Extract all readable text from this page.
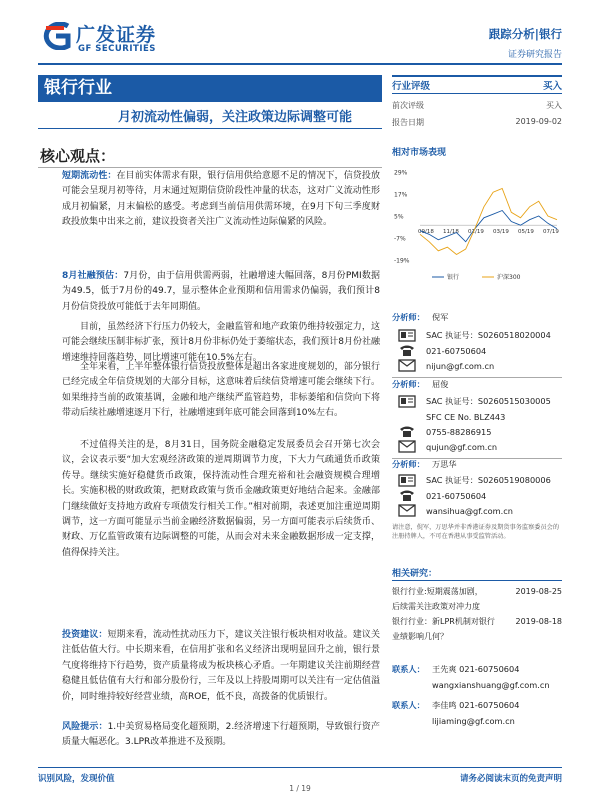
广发证券
GF SECURITIES
跟踪分析|银行
证券研究报告
银行行业
月初流动性偏弱，关注政策边际调整可能
核心观点：
短期流动性：在目前实体需求有限，银行信用供给意愿不足的情况下，信贷投放可能会呈现月初等待，月末通过短期信贷阶段性冲量的状态，这对广义流动性形成月初偏紧，月末偏松的感受。考虑到当前信用供需环境，在9月下旬三季度财政投放集中出来之前，建议投资者关注广义流动性边际偏紧的风险。
8月社融预估：7月份，由于信用供需两弱，社融增速大幅回落，8月份PMI数据为49.5，低于7月份的49.7，显示整体企业预期和信用需求仍偏弱，我们预计8月份信贷投放可能低于去年同期值。
目前，虽然经济下行压力仍较大，金融监管和地产政策仍维持较强定力，这可能会继续压制非标扩张，预计8月份非标仍处于萎缩状态，我们预计8月份社融增速维持回落趋势，同比增速可能在10.5%左右。
全年来看，上半年整体银行信贷投放整体是超出各家进度规划的，部分银行已经完成全年信贷规划的大部分目标，这意味着后续信贷增速可能会继续下行。如果维持当前的政策基调，金融和地产继续严监管趋势，非标萎缩和信贷向下将带动后续社融增速逐月下行，社融增速到年底可能会回落到10%左右。
不过值得关注的是，8月31日，国务院金融稳定发展委员会召开第七次会议，会议表示要“加大宏观经济政策的逆周期调节力度，下大力气疏通货币政策传导。继续实施好稳健货币政策，保持流动性合理充裕和社会融资规模合理增长。实施积极的财政政策，把财政政策与货币金融政策更好地结合起来。金融部门继续做好支持地方政府专项债发行相关工作。”相对前期，表述更加注重逆周期调节，这一方面可能显示当前金融经济数据偏弱，另一方面可能表示后续货币、财政、万亿监管政策有边际调整的可能，从而会对未来金融数据形成一定支撑，值得保持关注。
投资建议：短期来看，流动性扰动压力下，建议关注银行板块相对收益。建议关注低估值大行。中长期来看，在信用扩张和名义经济出现明显回升之前，银行景气度将维持下行趋势，资产质量将成为板块核心矛盾。一年期建议关注前期经营稳健且低估值有大行和部分股份行，三年及以上持股周期可以关注有一定估值溢价，同时维持较好经营业绩，高ROE，低不良，高拨备的优质银行。
风险提示：1.中美贸易格局变化超预期，2.经济增速下行超预期，导致银行资产质量大幅恶化。3.LPR改革推进不及预期。
行业评级	买入
前次评级	买入
报告日期	2019-09-02
相对市场表现
29%
17%
5%
-7%
-19%
09/18 11/18 01/19 03/19 05/19 07/19
银行	沪深300
分析师： 倪军
SAC 执证号：S0260518020004
021-60750604
nijun@gf.com.cn
分析师： 屈俊
SAC 执证号：S0260515030005
SFC CE No. BLZ443
0755-88286915
qujun@gf.com.cn
分析师： 万思华
SAC 执证号：S0260519080006
021-60750604
wansihua@gf.com.cn
请注意，倪军，万思华并非香港证券及期货事务监察委员会的注册持牌人，不可在香港从事受监管活动。
相关研究：
银行行业:短期震荡加剧，	2019-08-25
后续需关注政策对冲力度
银行行业：新LPR机制对银行	2019-08-18
业绩影响几何？
联系人： 王先爽 021-60750604
wangxianshuang@gf.com.cn
联系人： 李佳鸣 021-60750604
lijiaming@gf.com.cn
识别风险，发现价值	请务必阅读末页的免责声明
1 / 19
